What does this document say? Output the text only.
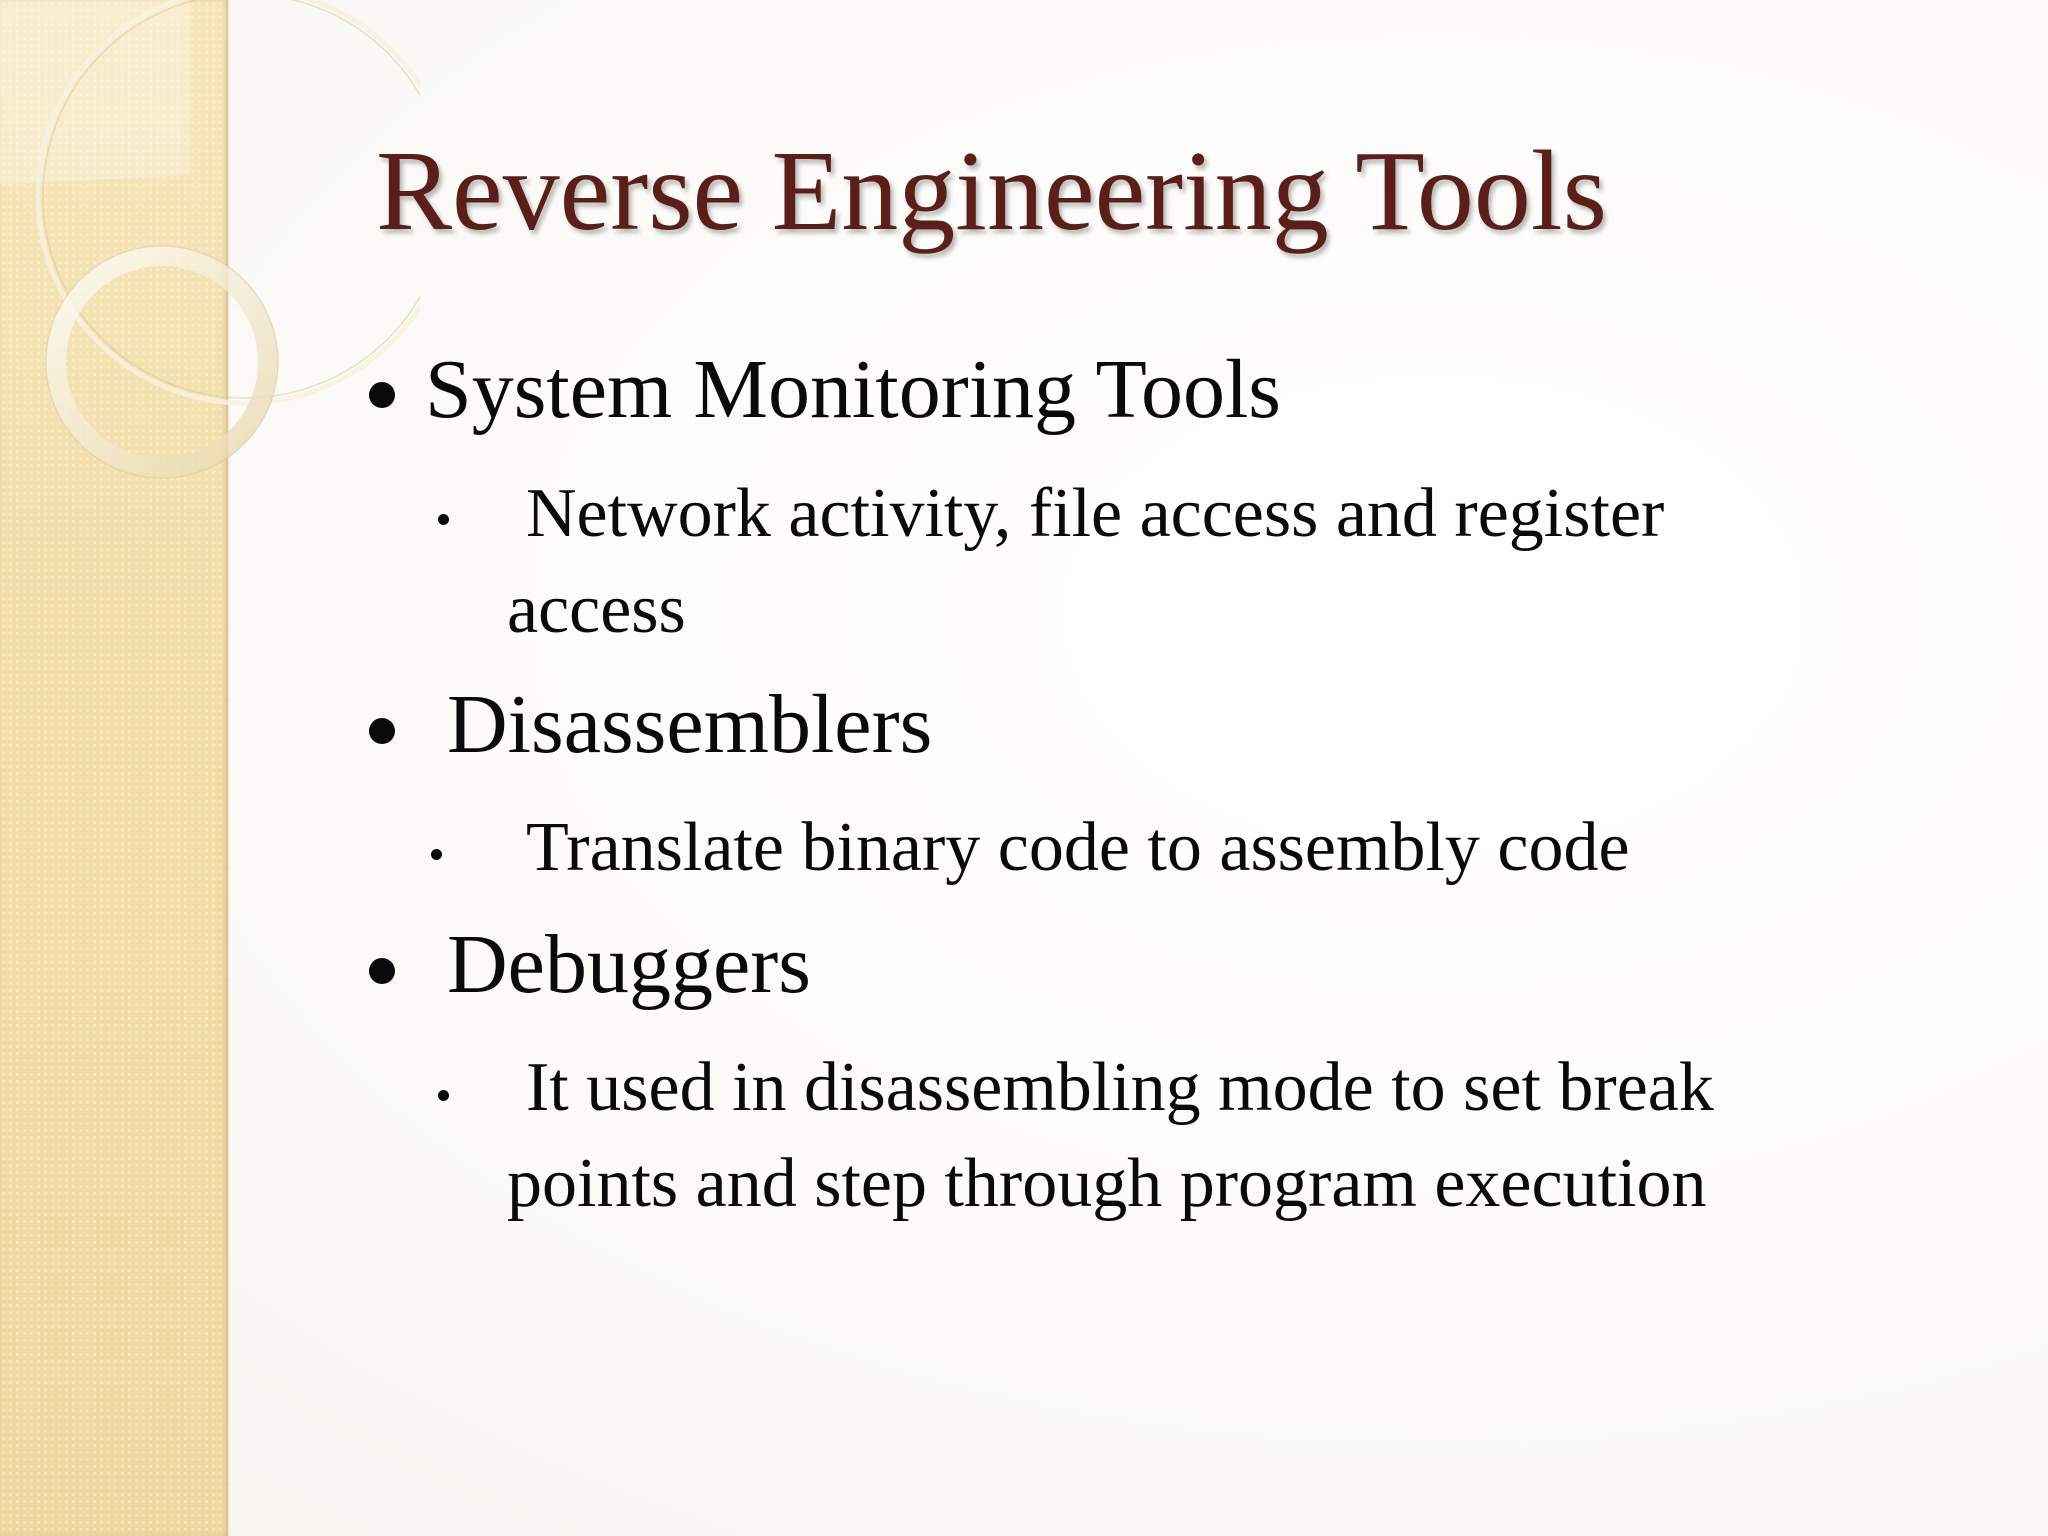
Reverse Engineering Tools
System Monitoring Tools
Network activity, file access and register
access
Disassemblers
Translate binary code to assembly code
Debuggers
It used in disassembling mode to set break
points and step through program execution
